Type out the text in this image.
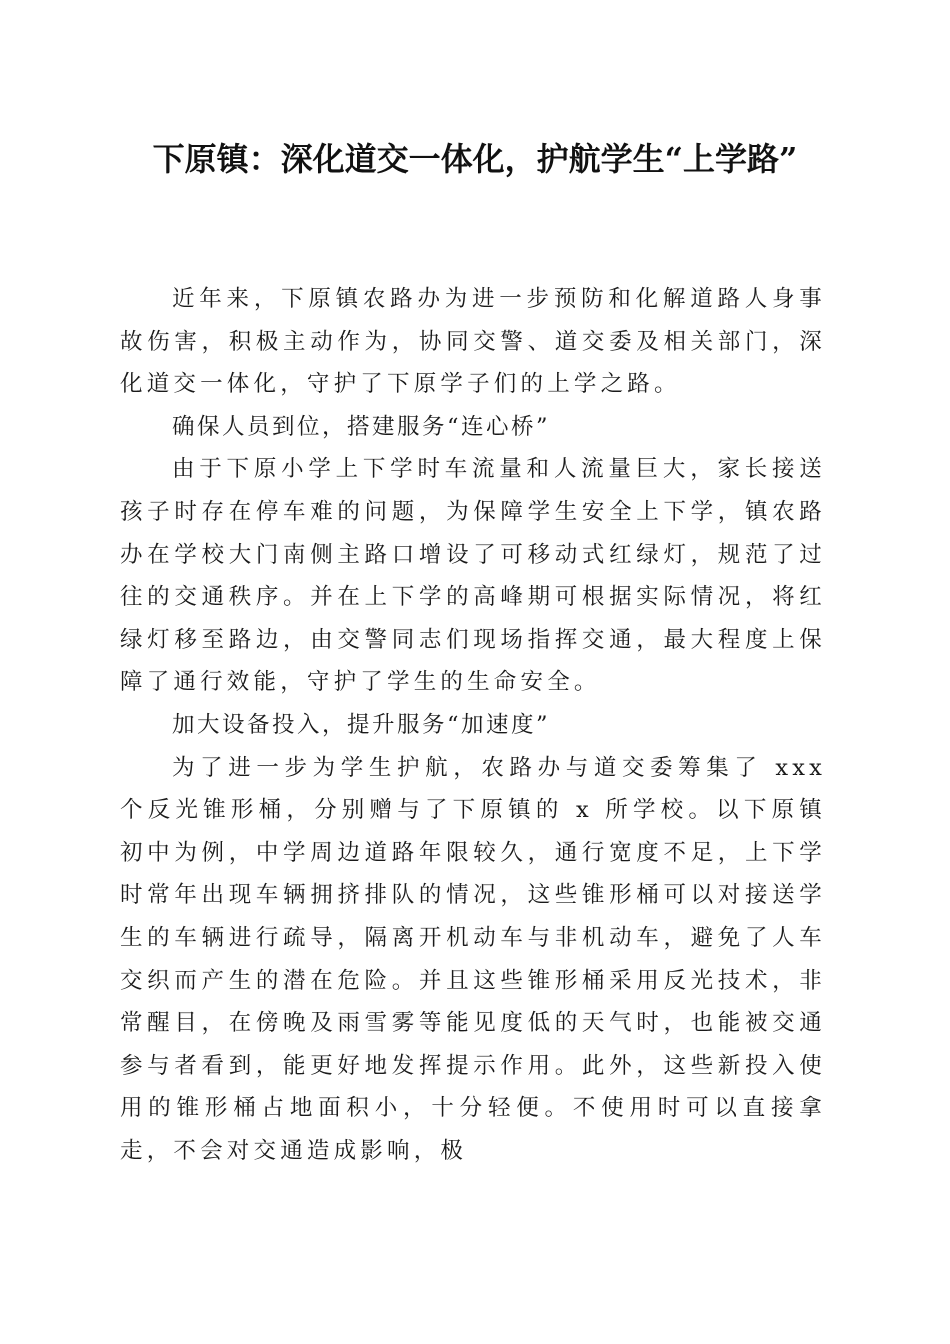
下原镇：深化道交一体化，护航学生“上学路”

近年来，下原镇农路办为进一步预防和化解道路人身事故伤害，积极主动作为，协同交警、道交委及相关部门，深化道交一体化，守护了下原学子们的上学之路。

确保人员到位，搭建服务“连心桥”

由于下原小学上下学时车流量和人流量巨大，家长接送孩子时存在停车难的问题，为保障学生安全上下学，镇农路办在学校大门南侧主路口增设了可移动式红绿灯，规范了过往的交通秩序。并在上下学的高峰期可根据实际情况，将红绿灯移至路边，由交警同志们现场指挥交通，最大程度上保障了通行效能，守护了学生的生命安全。

加大设备投入，提升服务“加速度”

为了进一步为学生护航，农路办与道交委筹集了 xxx 个反光锥形桶，分别赠与了下原镇的 x 所学校。以下原镇初中为例，中学周边道路年限较久，通行宽度不足，上下学时常年出现车辆拥挤排队的情况，这些锥形桶可以对接送学生的车辆进行疏导，隔离开机动车与非机动车，避免了人车交织而产生的潜在危险。并且这些锥形桶采用反光技术，非常醒目，在傍晚及雨雪雾等能见度低的天气时，也能被交通参与者看到，能更好地发挥提示作用。此外，这些新投入使用的锥形桶占地面积小，十分轻便。不使用时可以直接拿走，不会对交通造成影响，极
